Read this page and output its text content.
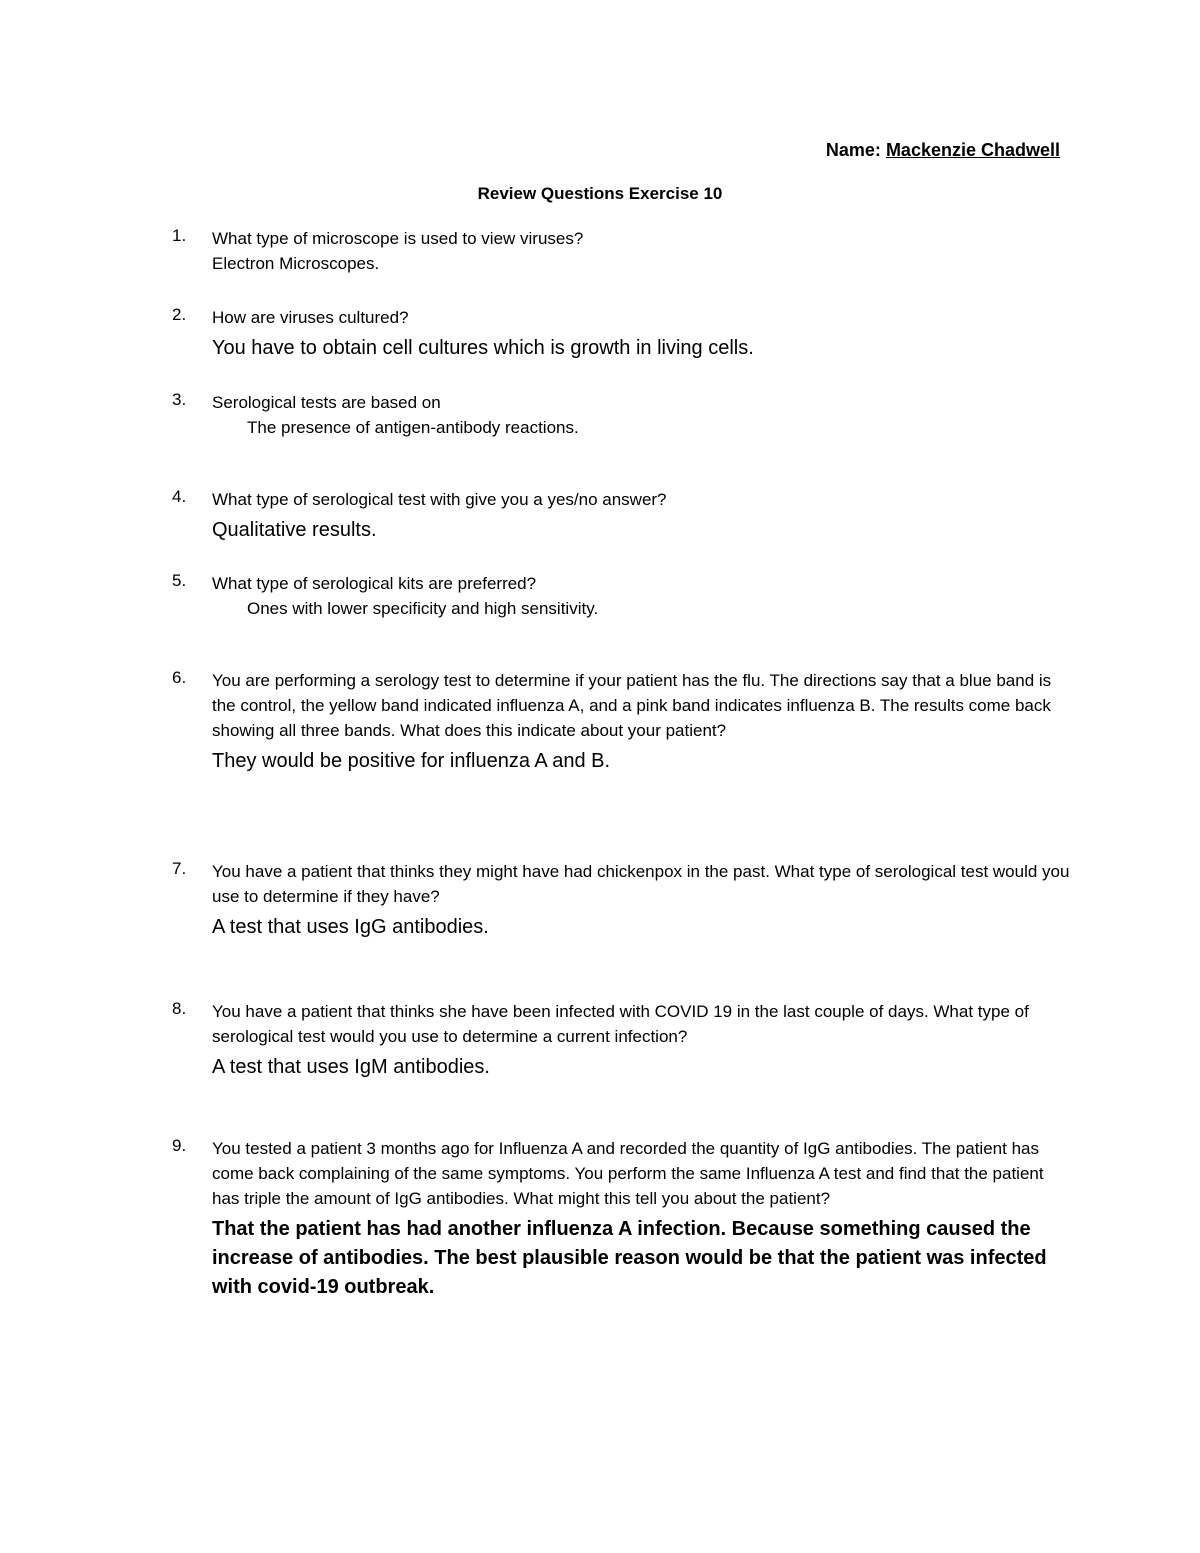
Name: Mackenzie Chadwell
Review Questions Exercise 10
1. What type of microscope is used to view viruses?
Electron Microscopes.
2. How are viruses cultured?
You have to obtain cell cultures which is growth in living cells.
3. Serological tests are based on
The presence of antigen-antibody reactions.
4. What type of serological test with give you a yes/no answer?
Qualitative results.
5. What type of serological kits are preferred?
Ones with lower specificity and high sensitivity.
6. You are performing a serology test to determine if your patient has the flu. The directions say that a blue band is the control, the yellow band indicated influenza A, and a pink band indicates influenza B. The results come back showing all three bands. What does this indicate about your patient?
They would be positive for influenza A and B.
7. You have a patient that thinks they might have had chickenpox in the past. What type of serological test would you use to determine if they have?
A test that uses IgG antibodies.
8. You have a patient that thinks she have been infected with COVID 19 in the last couple of days. What type of serological test would you use to determine a current infection?
A test that uses IgM antibodies.
9. You tested a patient 3 months ago for Influenza A and recorded the quantity of IgG antibodies. The patient has come back complaining of the same symptoms. You perform the same Influenza A test and find that the patient has triple the amount of IgG antibodies. What might this tell you about the patient?
That the patient has had another influenza A infection. Because something caused the increase of antibodies. The best plausible reason would be that the patient was infected with covid-19 outbreak.
